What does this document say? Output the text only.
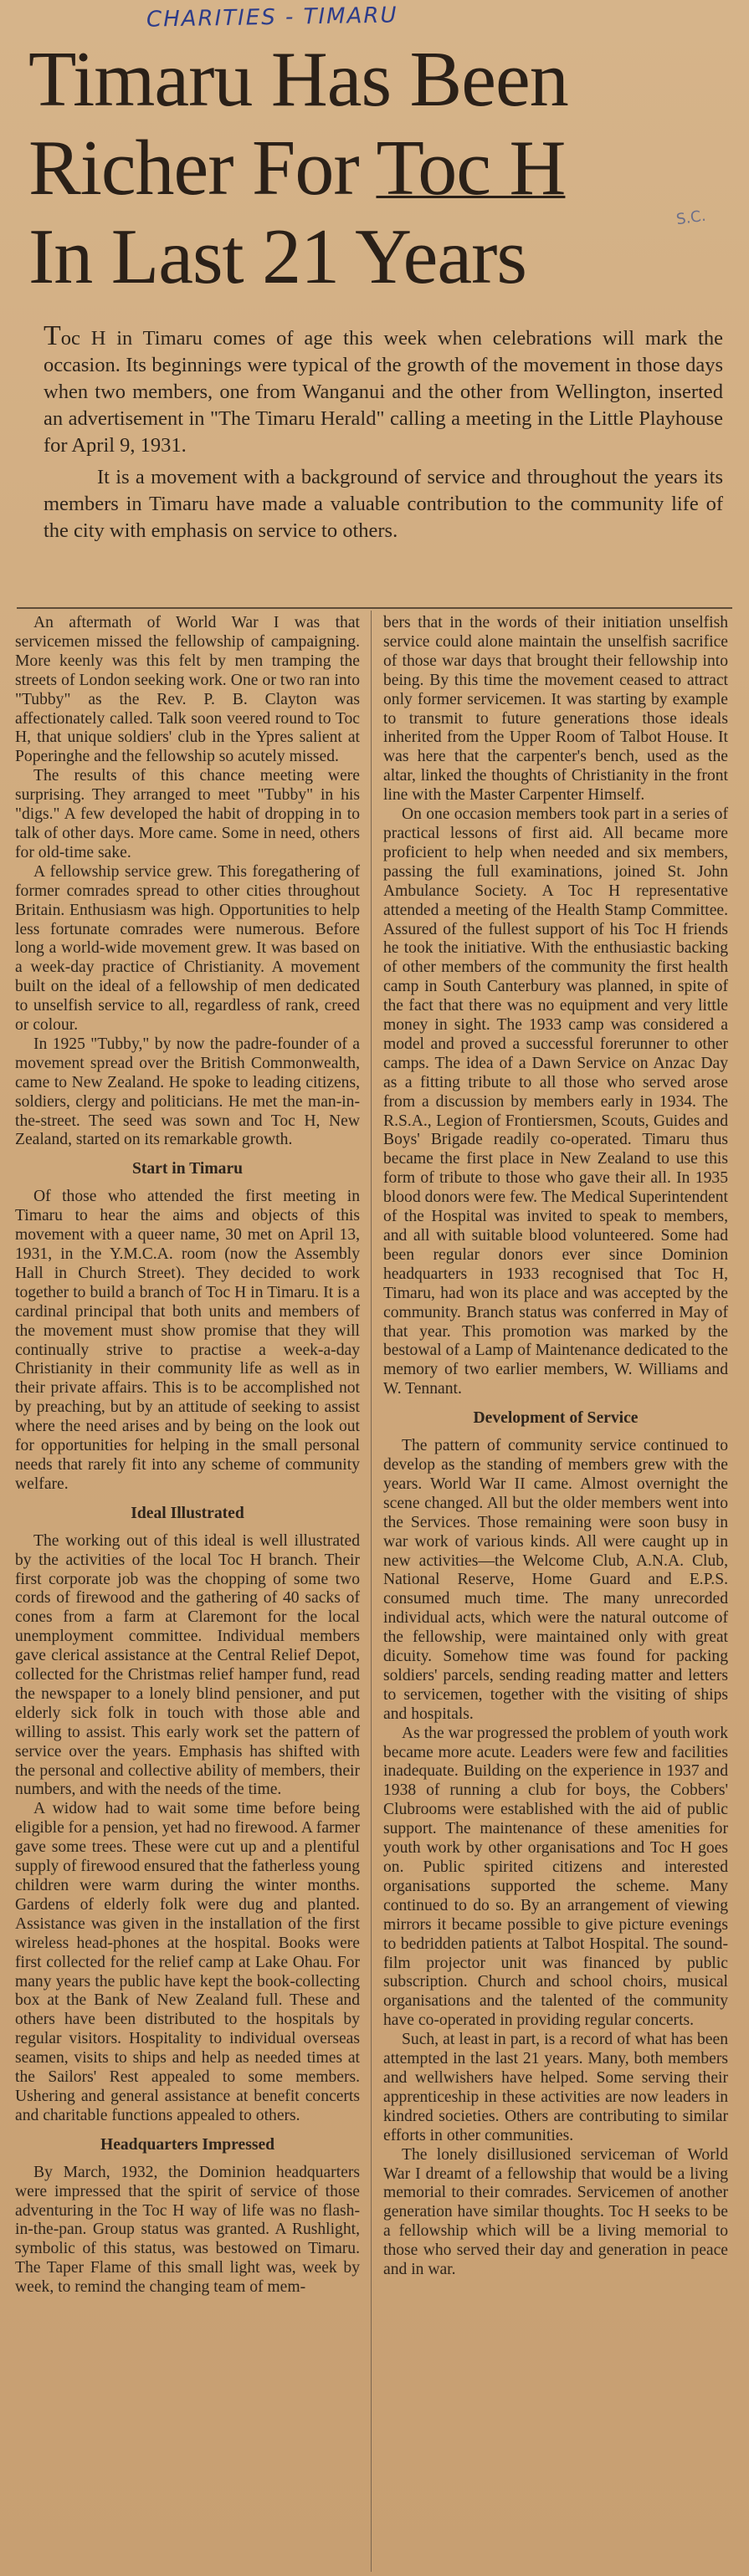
CHARITIES - TIMARU
Timaru Has Been
Richer For Toc H
In Last 21 Years	S.C.

Toc H in Timaru comes of age this week when celebrations will mark the occasion. Its beginnings were typical of the growth of the movement in those days when two members, one from Wanganui and the other from Wellington, inserted an advertisement in "The Timaru Herald" calling a meeting in the Little Playhouse for April 9, 1931.

It is a movement with a background of service and throughout the years its members in Timaru have made a valuable contribution to the community life of the city with emphasis on service to others.

An aftermath of World War I was that servicemen missed the fellowship of campaigning. More keenly was this felt by men tramping the streets of London seeking work. One or two ran into "Tubby" as the Rev. P. B. Clayton was affectionately called. Talk soon veered round to Toc H, that unique soldiers' club in the Ypres salient at Poperinghe and the fellowship so acutely missed.

The results of this chance meeting were surprising. They arranged to meet "Tubby" in his "digs." A few developed the habit of dropping in to talk of other days. More came. Some in need, others for old-time sake.

A fellowship service grew. This foregathering of former comrades spread to other cities throughout Britain. Enthusiasm was high. Opportunities to help less fortunate comrades were numerous. Before long a world-wide movement grew. It was based on a week-day practice of Christianity. A movement built on the ideal of a fellowship of men dedicated to unselfish service to all, regardless of rank, creed or colour.

In 1925 "Tubby," by now the padre-founder of a movement spread over the British Commonwealth, came to New Zealand. He spoke to leading citizens, soldiers, clergy and politicians. He met the man-in-the-street. The seed was sown and Toc H, New Zealand, started on its remarkable growth.

Start in Timaru

Of those who attended the first meeting in Timaru to hear the aims and objects of this movement with a queer name, 30 met on April 13, 1931, in the Y.M.C.A. room (now the Assembly Hall in Church Street). They decided to work together to build a branch of Toc H in Timaru. It is a cardinal principal that both units and members of the movement must show promise that they will continually strive to practise a week-a-day Christianity in their community life as well as in their private affairs. This is to be accomplished not by preaching, but by an attitude of seeking to assist where the need arises and by being on the look out for opportunities for helping in the small personal needs that rarely fit into any scheme of community welfare.

Ideal Illustrated

The working out of this ideal is well illustrated by the activities of the local Toc H branch. Their first corporate job was the chopping of some two cords of firewood and the gathering of 40 sacks of cones from a farm at Claremont for the local unemployment committee. Individual members gave clerical assistance at the Central Relief Depot, collected for the Christmas relief hamper fund, read the newspaper to a lonely blind pensioner, and put elderly sick folk in touch with those able and willing to assist. This early work set the pattern of service over the years. Emphasis has shifted with the personal and collective ability of members, their numbers, and with the needs of the time.

A widow had to wait some time before being eligible for a pension, yet had no firewood. A farmer gave some trees. These were cut up and a plentiful supply of firewood ensured that the fatherless young children were warm during the winter months. Gardens of elderly folk were dug and planted. Assistance was given in the installation of the first wireless head-phones at the hospital. Books were first collected for the relief camp at Lake Ohau. For many years the public have kept the book-collecting box at the Bank of New Zealand full. These and others have been distributed to the hospitals by regular visitors. Hospitality to individual overseas seamen, visits to ships and help as needed times at the Sailors' Rest appealed to some members. Ushering and general assistance at benefit concerts and charitable functions appealed to others.

Headquarters Impressed

By March, 1932, the Dominion headquarters were impressed that the spirit of service of those adventuring in the Toc H way of life was no flash-in-the-pan. Group status was granted. A Rushlight, symbolic of this status, was bestowed on Timaru. The Taper Flame of this small light was, week by week, to remind the changing team of mem-

bers that in the words of their initiation unselfish service could alone maintain the unselfish sacrifice of those war days that brought their fellowship into being. By this time the movement ceased to attract only former servicemen. It was starting by example to transmit to future generations those ideals inherited from the Upper Room of Talbot House. It was here that the carpenter's bench, used as the altar, linked the thoughts of Christianity in the front line with the Master Carpenter Himself.

On one occasion members took part in a series of practical lessons of first aid. All became more proficient to help when needed and six members, passing the full examinations, joined St. John Ambulance Society. A Toc H representative attended a meeting of the Health Stamp Committee. Assured of the fullest support of his Toc H friends he took the initiative. With the enthusiastic backing of other members of the community the first health camp in South Canterbury was planned, in spite of the fact that there was no equipment and very little money in sight. The 1933 camp was considered a model and proved a successful forerunner to other camps. The idea of a Dawn Service on Anzac Day as a fitting tribute to all those who served arose from a discussion by members early in 1934. The R.S.A., Legion of Frontiersmen, Scouts, Guides and Boys' Brigade readily co-operated. Timaru thus became the first place in New Zealand to use this form of tribute to those who gave their all. In 1935 blood donors were few. The Medical Superintendent of the Hospital was invited to speak to members, and all with suitable blood volunteered. Some had been regular donors ever since Dominion headquarters in 1933 recognised that Toc H, Timaru, had won its place and was accepted by the community. Branch status was conferred in May of that year. This promotion was marked by the bestowal of a Lamp of Maintenance dedicated to the memory of two earlier members, W. Williams and W. Tennant.

Development of Service

The pattern of community service continued to develop as the standing of members grew with the years. World War II came. Almost overnight the scene changed. All but the older members went into the Services. Those remaining were soon busy in war work of various kinds. All were caught up in new activities—the Welcome Club, A.N.A. Club, National Reserve, Home Guard and E.P.S. consumed much time. The many unrecorded individual acts, which were the natural outcome of the fellowship, were maintained only with great dicuity. Somehow time was found for packing soldiers' parcels, sending reading matter and letters to servicemen, together with the visiting of ships and hospitals.

As the war progressed the problem of youth work became more acute. Leaders were few and facilities inadequate. Building on the experience in 1937 and 1938 of running a club for boys, the Cobbers' Clubrooms were established with the aid of public support. The maintenance of these amenities for youth work by other organisations and Toc H goes on. Public spirited citizens and interested organisations supported the scheme. Many continued to do so. By an arrangement of viewing mirrors it became possible to give picture evenings to bedridden patients at Talbot Hospital. The sound-film projector unit was financed by public subscription. Church and school choirs, musical organisations and the talented of the community have co-operated in providing regular concerts.

Such, at least in part, is a record of what has been attempted in the last 21 years. Many, both members and wellwishers have helped. Some serving their apprenticeship in these activities are now leaders in kindred societies. Others are contributing to similar efforts in other communities.

The lonely disillusioned serviceman of World War I dreamt of a fellowship that would be a living memorial to their comrades. Servicemen of another generation have similar thoughts. Toc H seeks to be a fellowship which will be a living memorial to those who served their day and generation in peace and in war.
